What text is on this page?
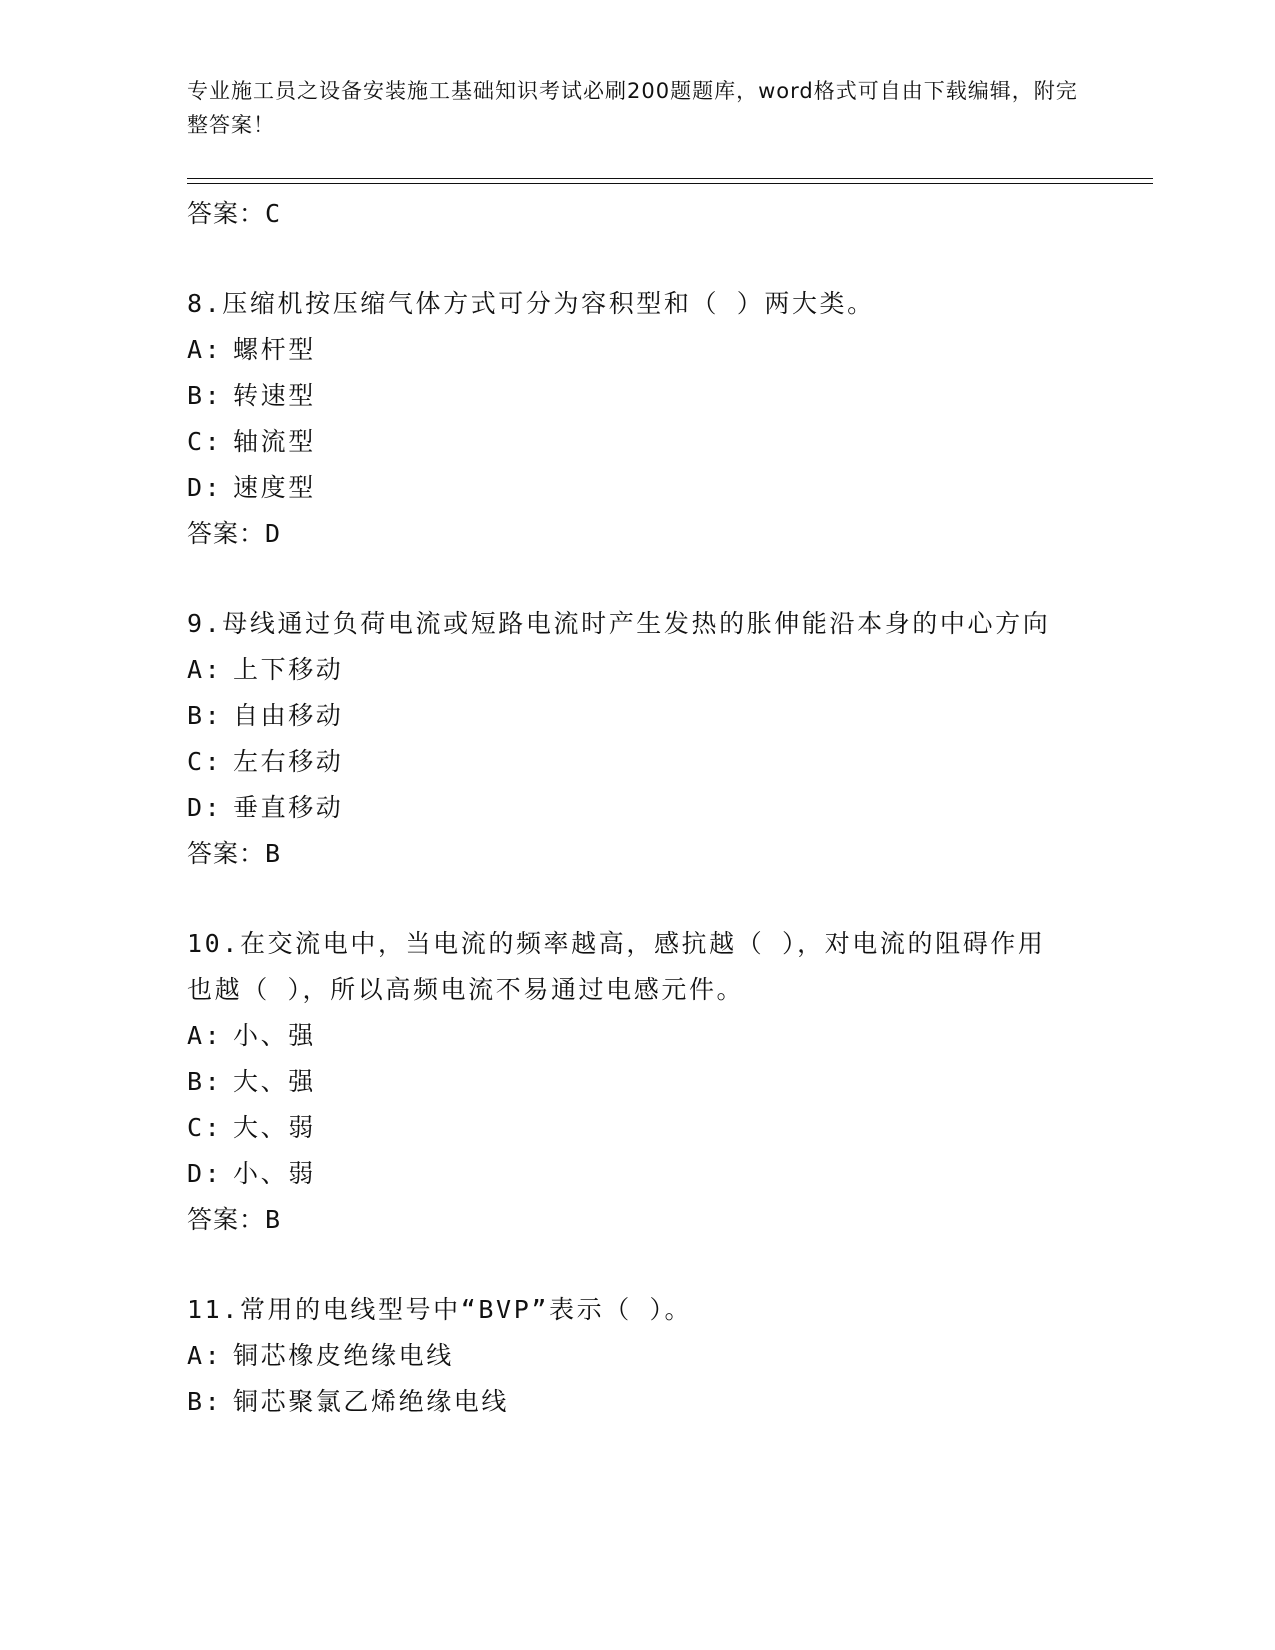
专业施工员之设备安装施工基础知识考试必刷200题题库，word格式可自由下载编辑，附完整答案！
答案：C
8.压缩机按压缩气体方式可分为容积型和（ ）两大类。
A: 螺杆型
B: 转速型
C: 轴流型
D: 速度型
答案：D
9.母线通过负荷电流或短路电流时产生发热的胀伸能沿本身的中心方向
A: 上下移动
B: 自由移动
C: 左右移动
D: 垂直移动
答案：B
10.在交流电中，当电流的频率越高，感抗越（ ），对电流的阻碍作用也越（ ），所以高频电流不易通过电感元件。
A: 小、强
B: 大、强
C: 大、弱
D: 小、弱
答案：B
11.常用的电线型号中“BVP”表示（ ）。
A: 铜芯橡皮绝缘电线
B: 铜芯聚氯乙烯绝缘电线
